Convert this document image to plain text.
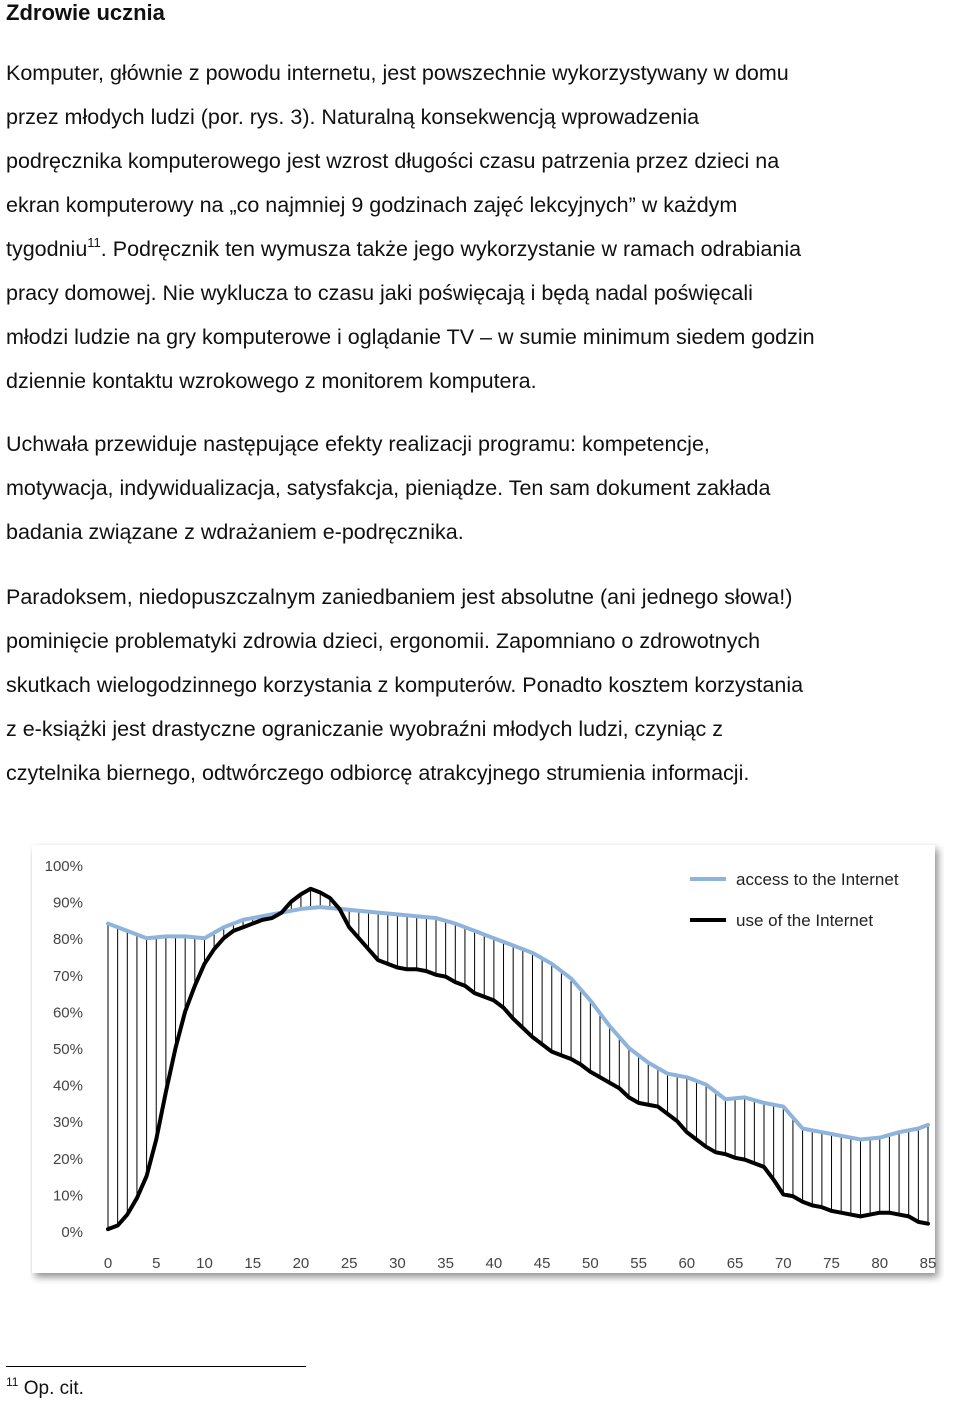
Zdrowie ucznia

Komputer, głównie z powodu internetu, jest powszechnie wykorzystywany w domu
przez młodych ludzi (por. rys. 3). Naturalną konsekwencją wprowadzenia
podręcznika komputerowego jest wzrost długości czasu patrzenia przez dzieci na
ekran komputerowy na „co najmniej 9 godzinach zajęć lekcyjnych” w każdym
tygodniu$^{11}$. Podręcznik ten wymusza także jego wykorzystanie w ramach odrabiania
pracy domowej. Nie wyklucza to czasu jaki poświęcają i będą nadal poświęcali
młodzi ludzie na gry komputerowe i oglądanie TV – w sumie minimum siedem godzin
dziennie kontaktu wzrokowego z monitorem komputera.

Uchwała przewiduje następujące efekty realizacji programu: kompetencje,
motywacja, indywidualizacja, satysfakcja, pieniądze. Ten sam dokument zakłada
badania związane z wdrażaniem e-podręcznika.

Paradoksem, niedopuszczalnym zaniedbaniem jest absolutne (ani jednego słowa!)
pominięcie problematyki zdrowia dzieci, ergonomii. Zapomniano o zdrowotnych
skutkach wielogodzinnego korzystania z komputerów. Ponadto kosztem korzystania
z e-książki jest drastyczne ograniczanie wyobraźni młodych ludzi, czyniąc z
czytelnika biernego, odtwórczego odbiorcę atrakcyjnego strumienia informacji.

0%
10%
20%
30%
40%
50%
60%
70%
80%
90%
100%
0	5 10 15 20 25 30 35 40 45 50 55 60 65 70 75 80 85
access to the Internet
use of the Internet
$^{11}$ Op. cit.
